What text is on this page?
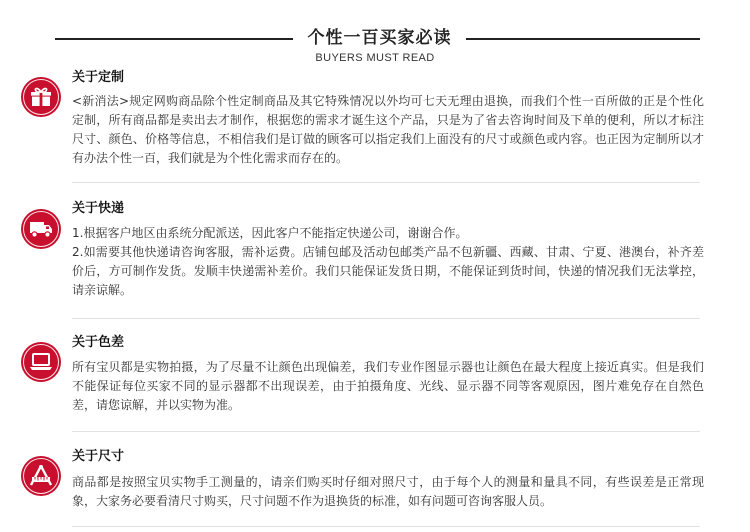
个性一百买家必读
BUYERS MUST READ
关于定制

<新消法>规定网购商品除个性定制商品及其它特殊情况以外均可七天无理由退换，而我们个性一百所做的正是个性化定制，所有商品都是卖出去才制作，根据您的需求才诞生这个产品，只是为了省去咨询时间及下单的便利，所以才标注尺寸、颜色、价格等信息，不相信我们是订做的顾客可以指定我们上面没有的尺寸或颜色或内容。也正因为定制所以才有办法个性一百，我们就是为个性化需求而存在的。

关于快递

1.根据客户地区由系统分配派送，因此客户不能指定快递公司，谢谢合作。

2.如需要其他快递请咨询客服，需补运费。店铺包邮及活动包邮类产品不包新疆、西藏、甘肃、宁夏、港澳台，补齐差价后，方可制作发货。发顺丰快递需补差价。我们只能保证发货日期，不能保证到货时间，快递的情况我们无法掌控，请亲谅解。

关于色差

所有宝贝都是实物拍摄，为了尽量不让颜色出现偏差，我们专业作图显示器也让颜色在最大程度上接近真实。但是我们不能保证每位买家不同的显示器都不出现误差，由于拍摄角度、光线、显示器不同等客观原因，图片难免存在自然色差，请您谅解，并以实物为准。

关于尺寸

商品都是按照宝贝实物手工测量的，请亲们购买时仔细对照尺寸，由于每个人的测量和量具不同，有些误差是正常现象，大家务必要看清尺寸购买，尺寸问题不作为退换货的标准，如有问题可咨询客服人员。
